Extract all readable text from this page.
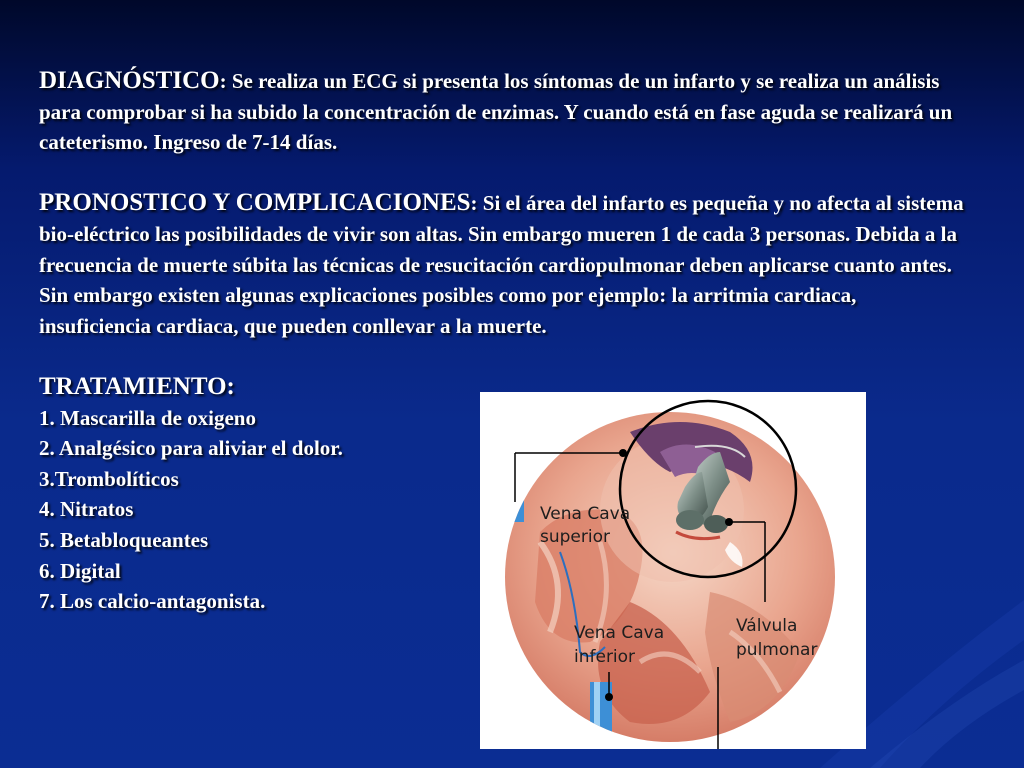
DIAGNÓSTICO: Se realiza un ECG si presenta los síntomas de un infarto y se realiza un análisis para comprobar si ha subido la concentración de enzimas. Y cuando está en fase aguda se realizará un cateterismo. Ingreso de 7-14 días.

PRONOSTICO Y COMPLICACIONES: Si el área del infarto es pequeña y no afecta al sistema bio-eléctrico las posibilidades de vivir son altas. Sin embargo mueren 1 de cada 3 personas. Debida a la frecuencia de muerte súbita las técnicas de resucitación cardiopulmonar deben aplicarse cuanto antes. Sin embargo existen algunas explicaciones posibles como por ejemplo: la arritmia cardiaca, insuficiencia cardiaca, que pueden conllevar a la muerte.

TRATAMIENTO:
1. Mascarilla de oxigeno
2. Analgésico para aliviar el dolor.
3.Trombolíticos
4. Nitratos
5. Betabloqueantes
6. Digital
7. Los calcio-antagonista.
Vena Cava
superior
Vena Cava
inferior
Válvula
pulmonar
